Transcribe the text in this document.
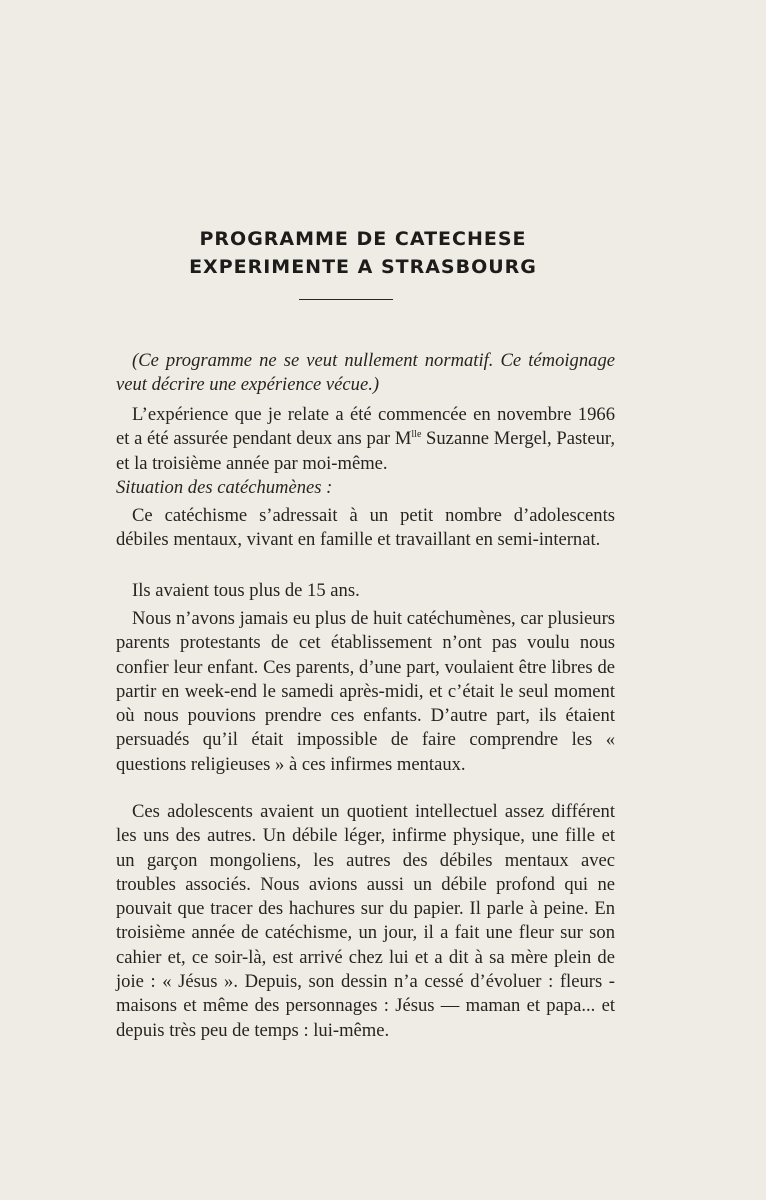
PROGRAMME DE CATECHESE
EXPERIMENTE A STRASBOURG

(Ce programme ne se veut nullement normatif. Ce témoignage veut décrire une expérience vécue.)

L’expérience que je relate a été commencée en novembre 1966 et a été assurée pendant deux ans par $M^{lle}$ Suzanne Mergel, Pasteur, et la troisième année par moi-même.

Situation des catéchumènes :

Ce catéchisme s’adressait à un petit nombre d’adolescents débiles mentaux, vivant en famille et travaillant en semi-internat.

Ils avaient tous plus de 15 ans.

Nous n’avons jamais eu plus de huit catéchumènes, car plusieurs parents protestants de cet établissement n’ont pas voulu nous confier leur enfant. Ces parents, d’une part, voulaient être libres de partir en week-end le samedi après-midi, et c’était le seul moment où nous pouvions prendre ces enfants. D’autre part, ils étaient persuadés qu’il était impossible de faire comprendre les « questions religieuses » à ces infirmes mentaux.

Ces adolescents avaient un quotient intellectuel assez différent les uns des autres. Un débile léger, infirme physique, une fille et un garçon mongoliens, les autres des débiles mentaux avec troubles associés. Nous avions aussi un débile profond qui ne pouvait que tracer des hachures sur du papier. Il parle à peine. En troisième année de catéchisme, un jour, il a fait une fleur sur son cahier et, ce soir-là, est arrivé chez lui et a dit à sa mère plein de joie : « Jésus ». Depuis, son dessin n’a cessé d’évoluer : fleurs - maisons et même des personnages : Jésus — maman et papa... et depuis très peu de temps : lui-même.
